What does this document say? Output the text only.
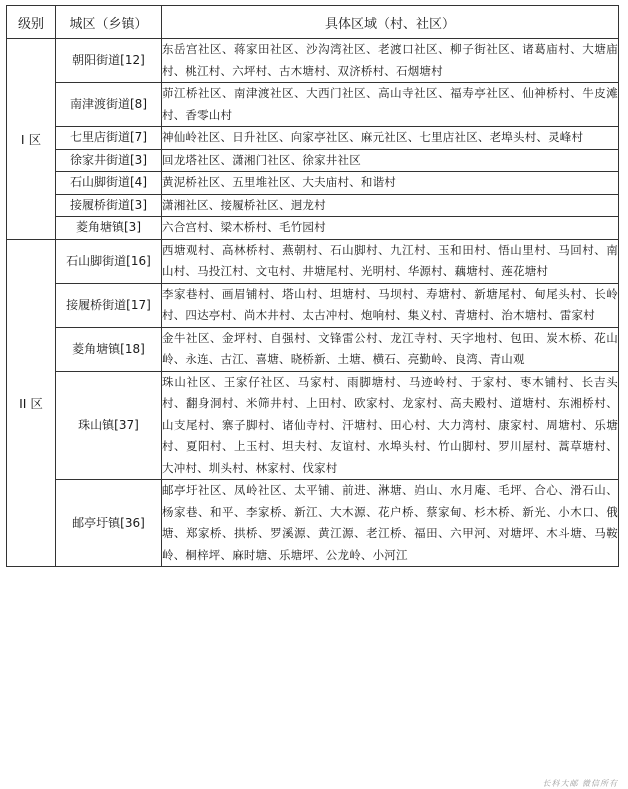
级别	城区（乡镇）	具体区域（村、社区）
I 区	朝阳街道[12]	东岳宫社区、蒋家田社区、沙沟湾社区、老渡口社区、柳子街社区、诸葛庙村、大塘庙村、桃江村、六坪村、古木塘村、双济桥村、石烟塘村
	南津渡街道[8]	茆江桥社区、南津渡社区、大西门社区、高山寺社区、福寿亭社区、仙神桥村、牛皮滩村、香零山村
	七里店街道[7]	神仙岭社区、日升社区、向家亭社区、麻元社区、七里店社区、老埠头村、灵峰村
	徐家井街道[3]	回龙塔社区、潇湘门社区、徐家井社区
	石山脚街道[4]	黄泥桥社区、五里堆社区、大夫庙村、和谐村
	接履桥街道[3]	潇湘社区、接履桥社区、迥龙村
	菱角塘镇[3]	六合宫村、梁木桥村、毛竹园村
II 区	石山脚街道[16]	西塘观村、高林桥村、燕朝村、石山脚村、九江村、玉和田村、悟山里村、马回村、南山村、马投江村、文屯村、井塘尾村、光明村、华源村、藕塘村、莲花塘村
	接履桥街道[17]	李家巷村、画眉铺村、塔山村、坦塘村、马坝村、寿塘村、新塘尾村、甸尾头村、长岭村、四达亭村、尚木井村、太古冲村、炮响村、集义村、青塘村、治木塘村、雷家村
	菱角塘镇[18]	金牛社区、金坪村、自强村、文锋雷公村、龙江寺村、天字地村、包田、炭木桥、花山岭、永连、古江、喜塘、晓桥新、土塘、横石、亮勤岭、良湾、青山观
	珠山镇[37]	珠山社区、王家仔社区、马家村、雨脚塘村、马迹岭村、于家村、枣木铺村、长吉头村、翻身洞村、米筛井村、上田村、欧家村、龙家村、高夫殿村、道塘村、东湘桥村、山支尾村、寨子脚村、诸仙寺村、汗塘村、田心村、大力湾村、康家村、周塘村、乐塘村、夏阳村、上玉村、坦夫村、友谊村、水埠头村、竹山脚村、罗川屋村、蒿草塘村、大冲村、圳头村、林家村、伐家村
	邮亭圩镇[36]	邮亭圩社区、凤岭社区、太平铺、前进、淋塘、岿山、水月庵、毛坪、合心、滑石山、杨家巷、和平、李家桥、新江、大木源、花户桥、蔡家甸、杉木桥、新光、小木口、俄塘、郑家桥、拱桥、罗溪源、黄江源、老江桥、福田、六甲河、对塘坪、木斗塘、马鞍岭、桐梓坪、麻时塘、乐塘坪、公龙岭、小河江
长科大邮 微信所有
